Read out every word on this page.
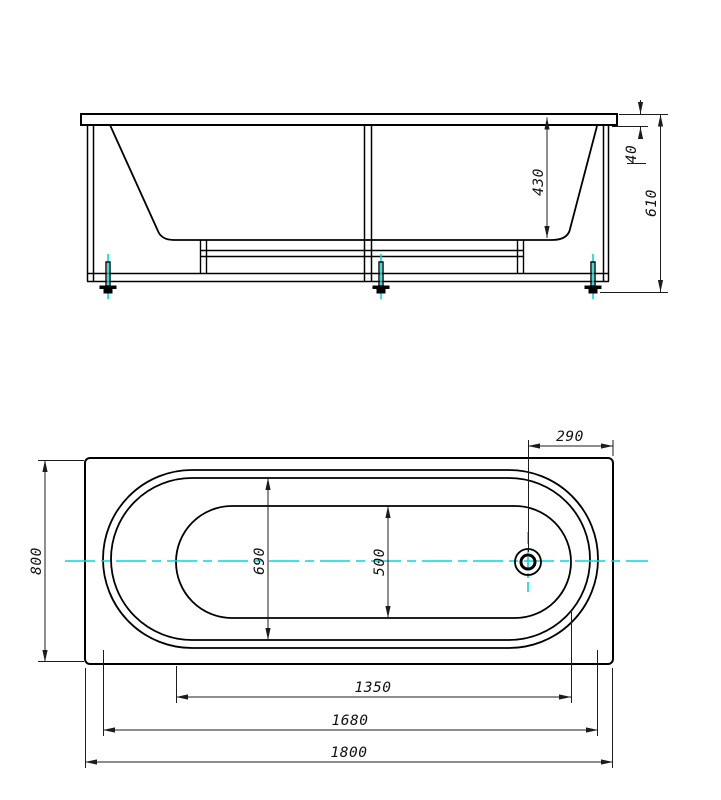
430
40
610
290
800	690	500
1350
1680
1800
